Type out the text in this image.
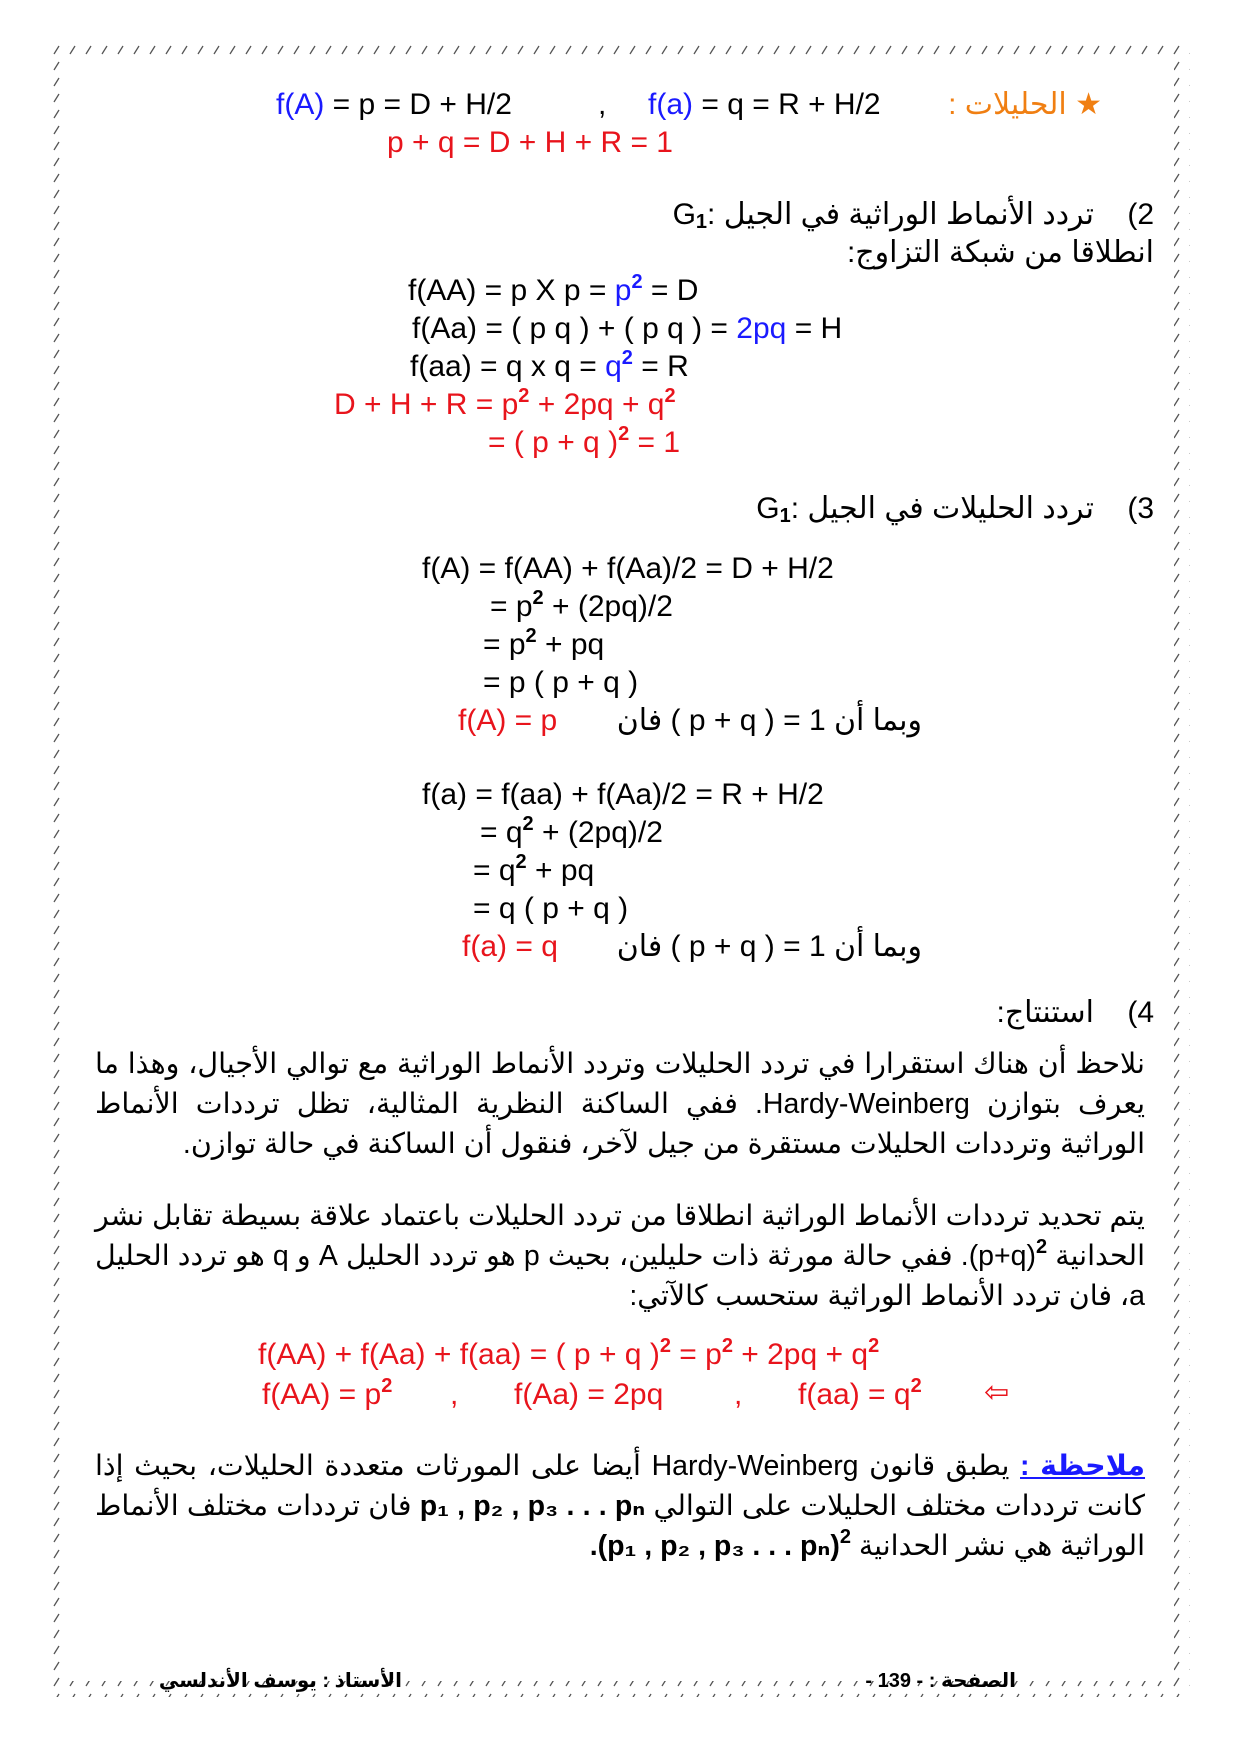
f(A) = p = D + H/2	, f(a) = q = R + H/2	★ الحليلات :
p + q = D + H + R = 1
2)    تردد الأنماط الوراثية في الجيل $G_1$:
انطلاقا من شبكة التزاوج:
f(AA) = p X $p = p^2 = D$
f(Aa) = ( p q ) + ( p q ) = 2pq = H
f(aa) = q x $q = q^2 = R$
$D + H + R = p^2 + 2pq + q^2$
= ( p + q )$^2$ = 1
3)    تردد الحليلات في الجيل $G_1$:
f(A) = f(AA) + f(Aa)/2 = D + H/2
= $p^2 + (2pq)/2$
= $p^2$ + pq
= p ( p + q )
f(A) = p وبما أن 1 = ( p + q ) فان
f(a) = f(aa) + f(Aa)/2 = R + H/2
= $q^2 + (2pq)/2$
= $q^2$ + pq
= q ( p + q )
f(a) = q وبما أن 1 = ( p + q ) فان
4)    استنتاج:
نلاحظ أن هناك استقرارا في تردد الحليلات وتردد الأنماط الوراثية مع توالي الأجيال، وهذا ما يعرف بتوازن Hardy-Weinberg. ففي الساكنة النظرية المثالية، تظل ترددات الأنماط الوراثية وترددات الحليلات مستقرة من جيل لآخر، فنقول أن الساكنة في حالة توازن.
يتم تحديد ترددات الأنماط الوراثية انطلاقا من تردد الحليلات باعتماد علاقة بسيطة تقابل نشر الحدانية $(p+q)^2$. ففي حالة مورثة ذات حليلين، بحيث p هو تردد الحليل A و q هو تردد الحليل a، فان تردد الأنماط الوراثية ستحسب كالآتي:
f(AA) + f(Aa) + f(aa) = ( p + q )$^2 = p^2 + 2pq + q^2$
$f(AA) = p^2$ , f(Aa) = 2pq , $f(aa) = q^2$ ⇦
ملاحظة : يطبق قانون Hardy-Weinberg أيضا على المورثات متعددة الحليلات، بحيث إذا كانت ترددات مختلف الحليلات على التوالي p₁ , p₂ , p₃ . . . pₙ فان ترددات مختلف الأنماط الوراثية هي نشر الحدانية (p₁ , p₂ , p₃ . . . pₙ)$^2$.
الأستاذ : يوسف الأندلسي	الصفحة : - 139 -
